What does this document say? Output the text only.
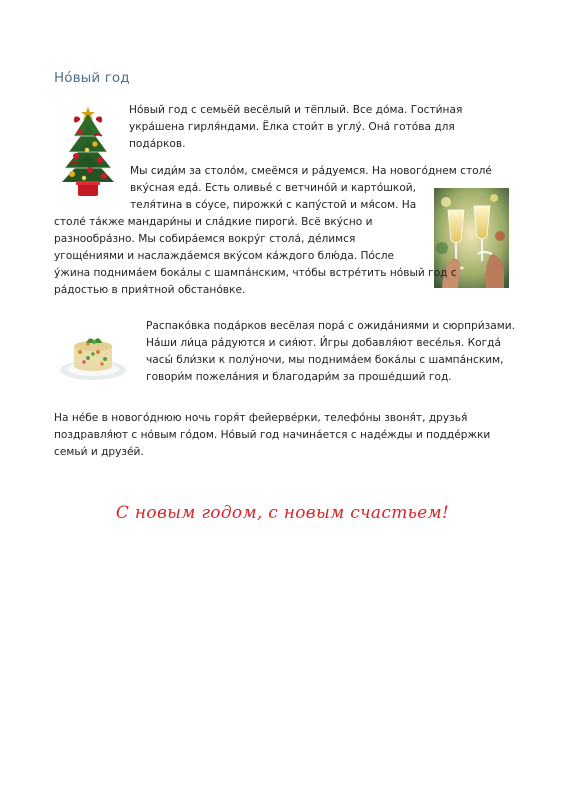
Но́вый год

Но́вый год с семьёй весёлый и тёплый. Все до́ма. Гости́ная укра́шена гирля́ндами. Ёлка стои́т в углу́. Она́ гото́ва для пода́рков.

Мы сиди́м за столо́м, смеёмся и ра́дуемся. На нового́днем столе́ вку́сная еда́. Есть оливье́ с ветчино́й и карто́шкой, теля́тина в со́усе, пирожки́ с капу́стой и мя́сом. На столе́ та́кже мандари́ны и сла́дкие пироги́. Всё вку́сно и разнообра́зно. Мы собира́емся вокру́г стола́, де́лимся угоще́ниями и наслажда́емся вку́сом ка́ждого блю́да. По́сле у́жина поднима́ем бока́лы с шампа́нским, что́бы встре́тить но́вый год с ра́достью в прия́тной обстано́вке.

Распако́вка пода́рков весёлая пора́ с ожида́ниями и сюрпри́зами. На́ши ли́ца ра́дуются и сия́ют. И́гры добавля́ют весе́лья. Когда́ часы́ бли́зки к полу́ночи, мы поднима́ем бока́лы с шампа́нским, говори́м пожела́ния и благодари́м за проше́дший год.

На не́бе в нового́днюю ночь горя́т фейерве́рки, телефо́ны звоня́т, друзья́ поздравля́ют с но́вым го́дом. Но́вый год начина́ется с наде́жды и подде́ржки семьи́ и друзе́й.

С новым годом, с новым счастьем!
